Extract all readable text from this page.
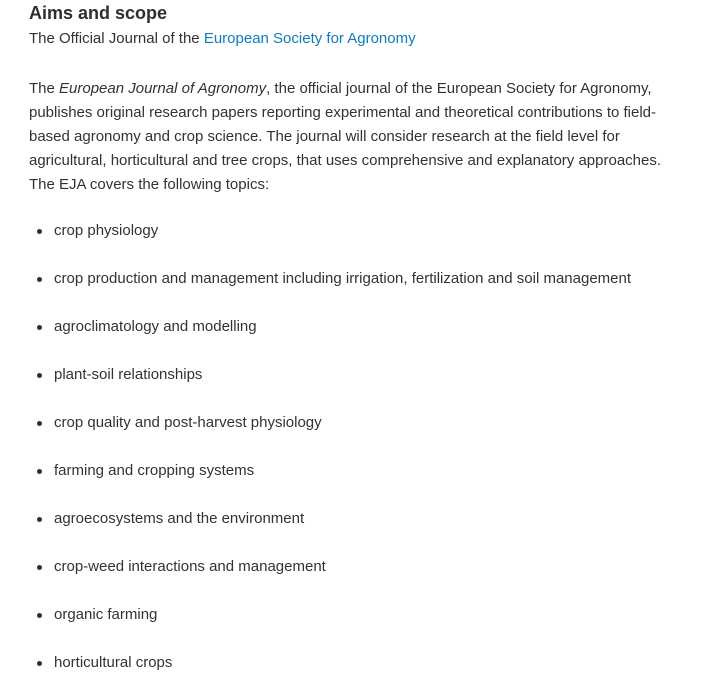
Aims and scope

The Official Journal of the European Society for Agronomy

The European Journal of Agronomy, the official journal of the European Society for Agronomy,
publishes original research papers reporting experimental and theoretical contributions to field-
based agronomy and crop science. The journal will consider research at the field level for
agricultural, horticultural and tree crops, that uses comprehensive and explanatory approaches.
The EJA covers the following topics:

crop physiology
crop production and management including irrigation, fertilization and soil management
agroclimatology and modelling
plant-soil relationships
crop quality and post-harvest physiology
farming and cropping systems
agroecosystems and the environment
crop-weed interactions and management
organic farming
horticultural crops
